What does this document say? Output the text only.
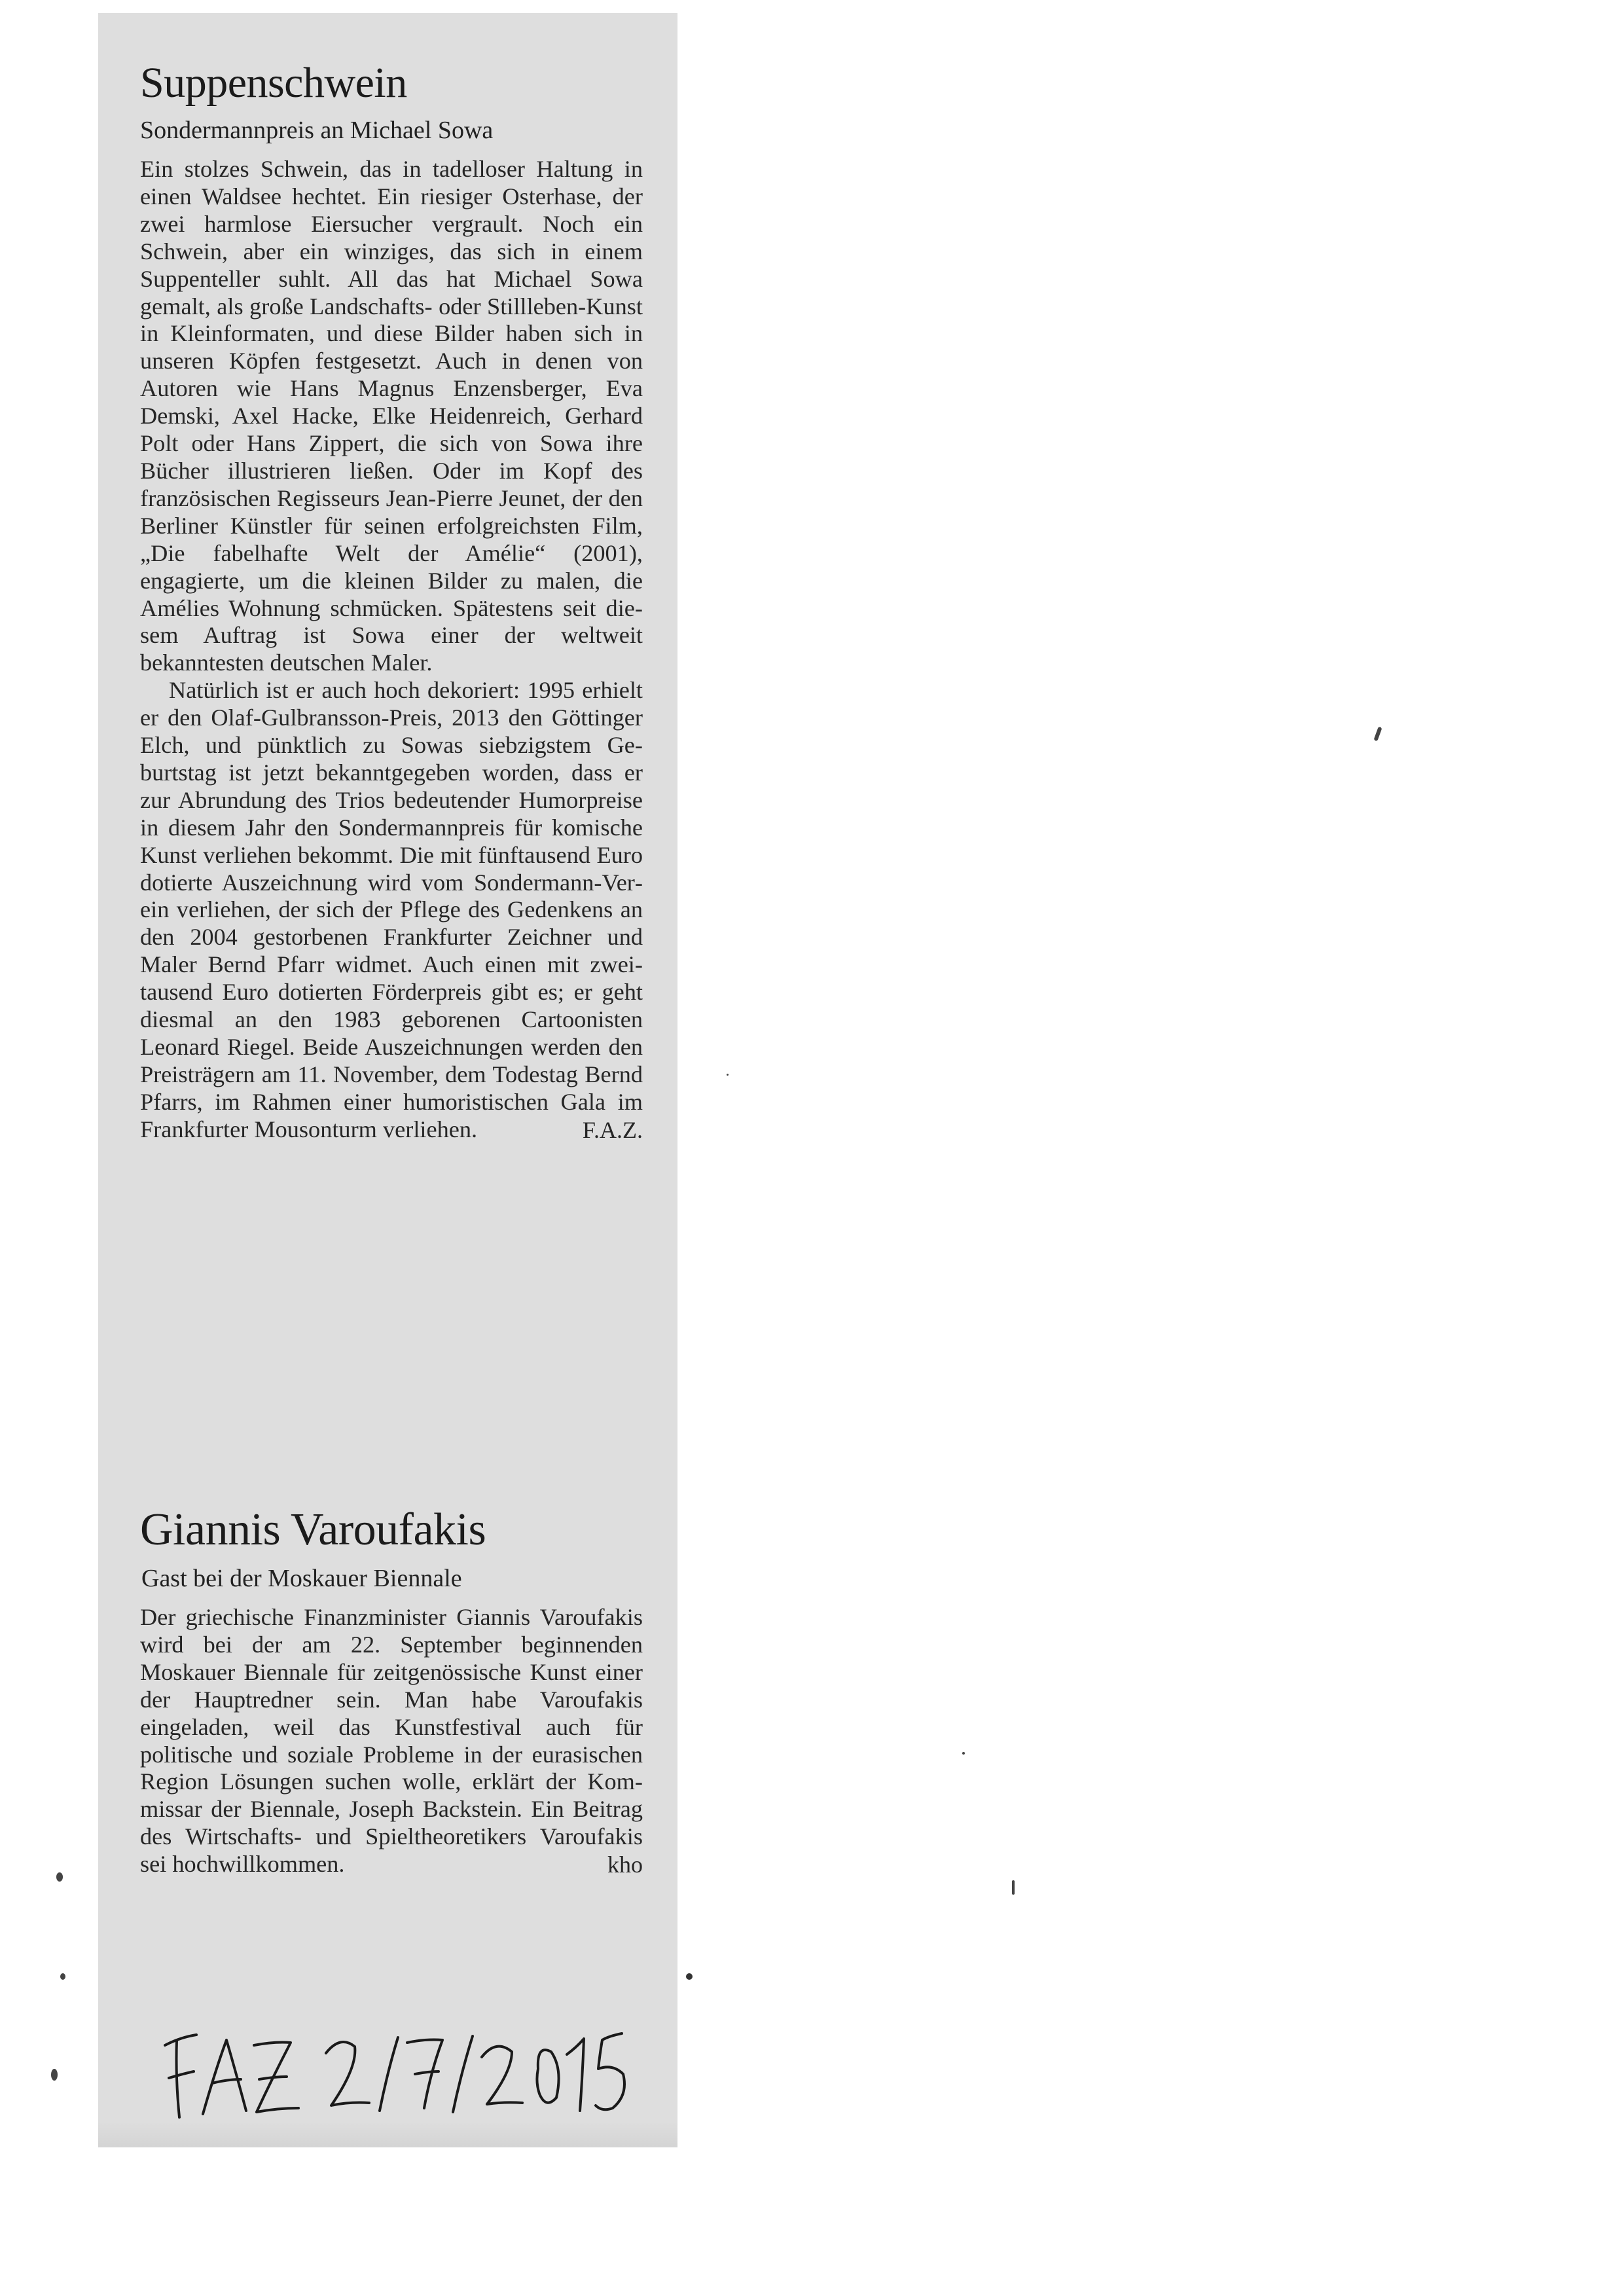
Suppenschwein
Sondermannpreis an Michael Sowa

Ein stolzes Schwein, das in tadelloser Haltung in einen Waldsee hechtet. Ein riesiger Osterhase, der zwei harmlose Eiersucher vergrault. Noch ein Schwein, aber ein winziges, das sich in einem Suppenteller suhlt. All das hat Michael Sowa gemalt, als große Landschafts- oder Stillleben-Kunst in Kleinformaten, und diese Bilder haben sich in unseren Köpfen festgesetzt. Auch in denen von Autoren wie Hans Magnus Enzensberger, Eva Demski, Axel Hacke, Elke Heidenreich, Gerhard Polt oder Hans Zippert, die sich von Sowa ihre Bücher illustrieren ließen. Oder im Kopf des französischen Regisseurs Jean-Pierre Jeunet, der den Berliner Künstler für seinen erfolgreichsten Film, „Die fabelhafte Welt der Amélie“ (2001), engagierte, um die kleinen Bilder zu malen, die Amélies Wohnung schmücken. Spätestens seit diesem Auftrag ist Sowa einer der weltweit bekanntesten deutschen Maler.
Natürlich ist er auch hoch dekoriert: 1995 erhielt er den Olaf-Gulbransson-Preis, 2013 den Göttinger Elch, und pünktlich zu Sowas siebzigstem Geburtstag ist jetzt bekanntgegeben worden, dass er zur Abrundung des Trios bedeutender Humorpreise in diesem Jahr den Sondermannpreis für komische Kunst verliehen bekommt. Die mit fünftausend Euro dotierte Auszeichnung wird vom Sondermann-Verein verliehen, der sich der Pflege des Gedenkens an den 2004 gestorbenen Frankfurter Zeichner und Maler Bernd Pfarr widmet. Auch einen mit zweitausend Euro dotierten Förderpreis gibt es; er geht diesmal an den 1983 geborenen Cartoonisten Leonard Riegel. Beide Auszeichnungen werden den Preisträgern am 11. November, dem Todestag Bernd Pfarrs, im Rahmen einer humoristischen Gala im Frankfurter Mousonturm verliehen.	F.A.Z.

Giannis Varoufakis
Gast bei der Moskauer Biennale

Der griechische Finanzminister Giannis Varoufakis wird bei der am 22. September beginnenden Moskauer Biennale für zeitgenössische Kunst einer der Hauptredner sein. Man habe Varoufakis eingeladen, weil das Kunstfestival auch für politische und soziale Probleme in der eurasischen Region Lösungen suchen wolle, erklärt der Kommissar der Biennale, Joseph Backstein. Ein Beitrag des Wirtschafts- und Spieltheoretikers Varoufakis sei hochwillkommen.	kho
